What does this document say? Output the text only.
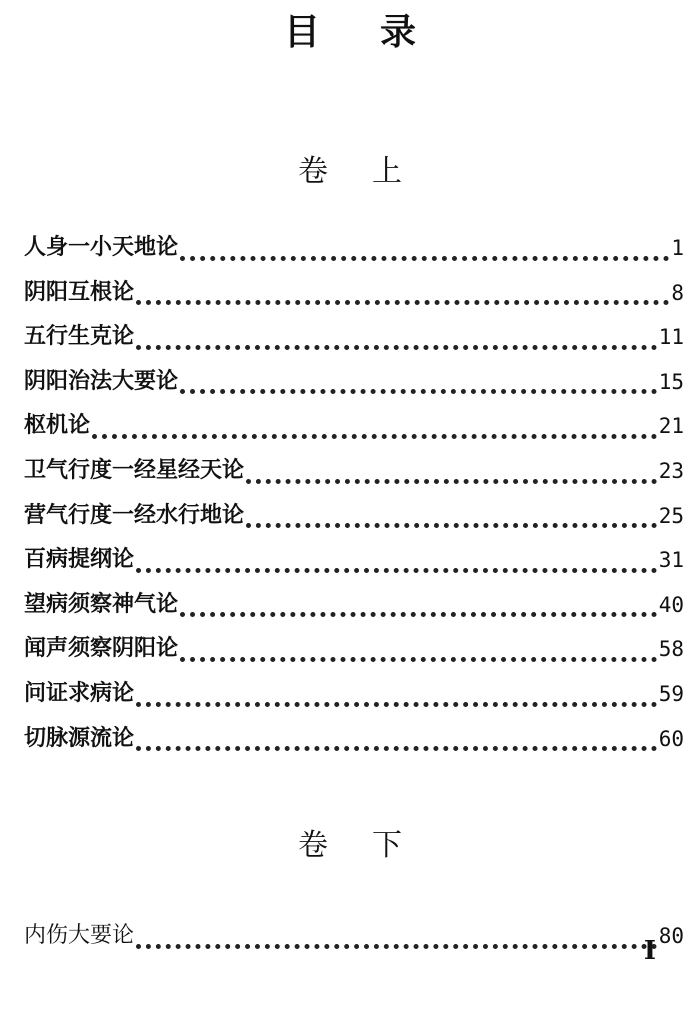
目录
卷上
人身一小天地论	1
阴阳互根论	8
五行生克论	11
阴阳治法大要论	15
枢机论	21
卫气行度一经星经天论	23
营气行度一经水行地论	25
百病提纲论	31
望病须察神气论	40
闻声须察阴阳论	58
问证求病论	59
切脉源流论	60
卷下
内伤大要论	80
I
